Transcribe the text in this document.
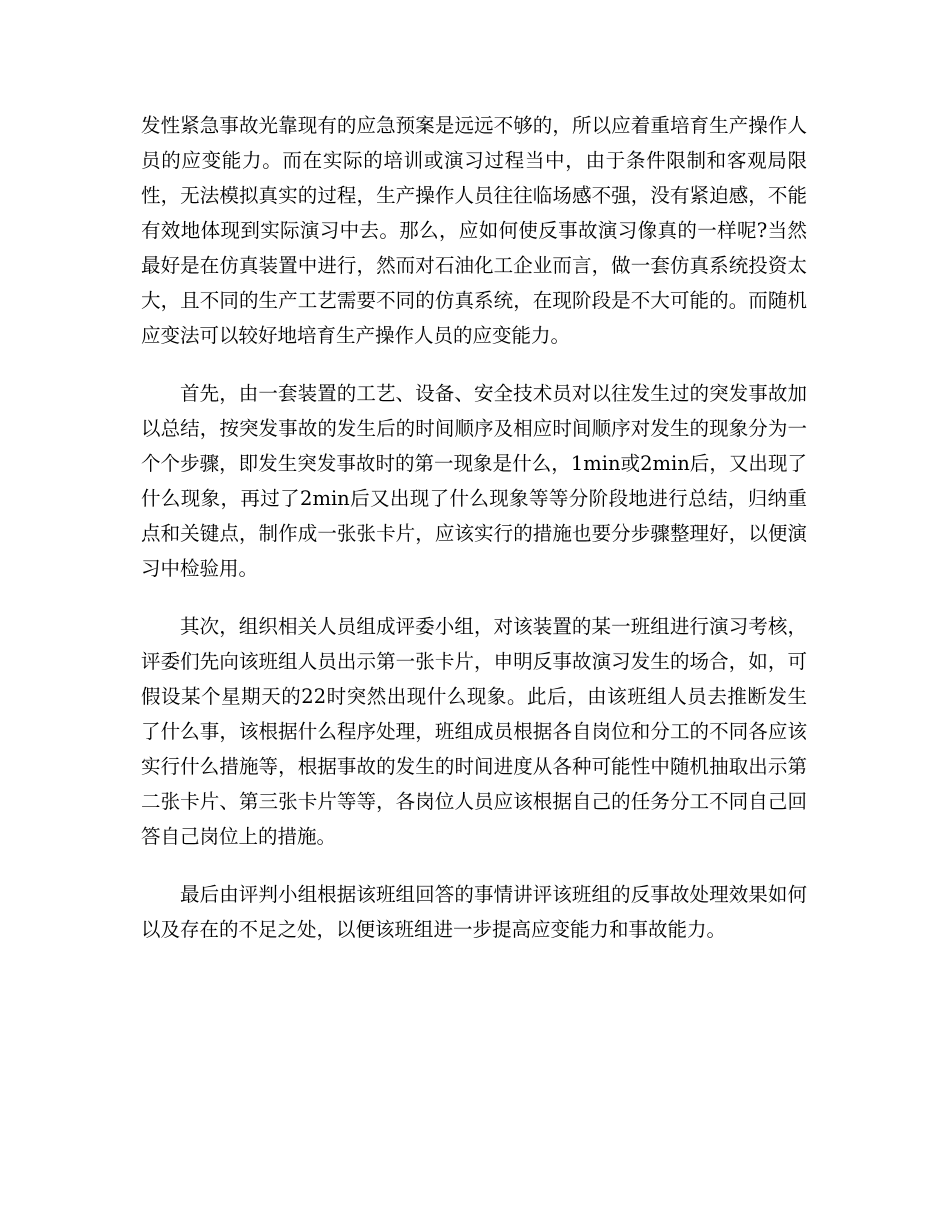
发性紧急事故光靠现有的应急预案是远远不够的，所以应着重培育生产操作人员的应变能力。而在实际的培训或演习过程当中，由于条件限制和客观局限性，无法模拟真实的过程，生产操作人员往往临场感不强，没有紧迫感，不能有效地体现到实际演习中去。那么，应如何使反事故演习像真的一样呢?当然最好是在仿真装置中进行，然而对石油化工企业而言，做一套仿真系统投资太大，且不同的生产工艺需要不同的仿真系统，在现阶段是不大可能的。而随机应变法可以较好地培育生产操作人员的应变能力。

首先，由一套装置的工艺、设备、安全技术员对以往发生过的突发事故加以总结，按突发事故的发生后的时间顺序及相应时间顺序对发生的现象分为一个个步骤，即发生突发事故时的第一现象是什么，1min或2min后，又出现了什么现象，再过了2min后又出现了什么现象等等分阶段地进行总结，归纳重点和关键点，制作成一张张卡片，应该实行的措施也要分步骤整理好，以便演习中检验用。

其次，组织相关人员组成评委小组，对该装置的某一班组进行演习考核，评委们先向该班组人员出示第一张卡片，申明反事故演习发生的场合，如，可假设某个星期天的22时突然出现什么现象。此后，由该班组人员去推断发生了什么事，该根据什么程序处理，班组成员根据各自岗位和分工的不同各应该实行什么措施等，根据事故的发生的时间进度从各种可能性中随机抽取出示第二张卡片、第三张卡片等等，各岗位人员应该根据自己的任务分工不同自己回答自己岗位上的措施。

最后由评判小组根据该班组回答的事情讲评该班组的反事故处理效果如何以及存在的不足之处，以便该班组进一步提高应变能力和事故能力。
